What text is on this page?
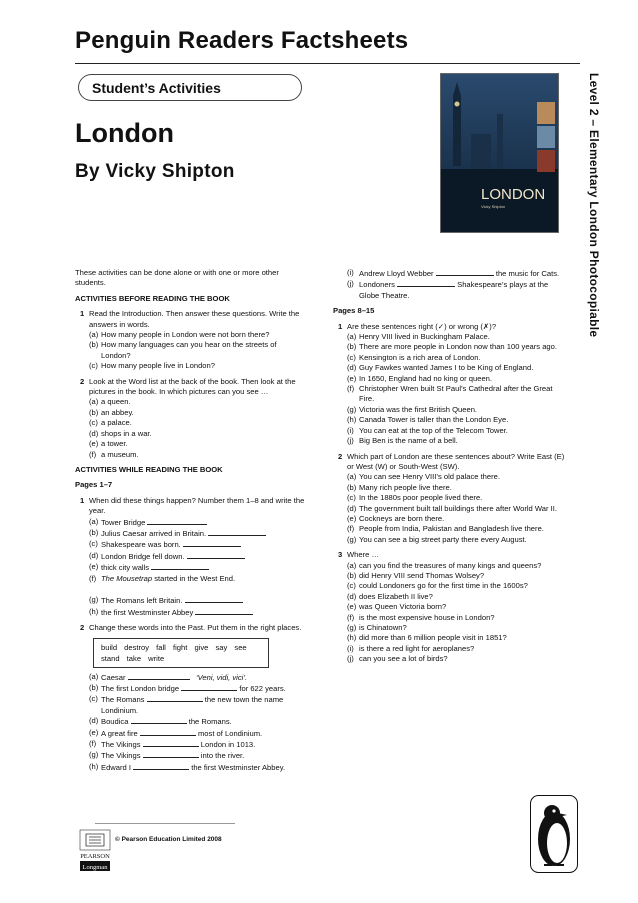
Penguin Readers Factsheets
Student’s Activities
London
By Vicky Shipton
LONDON
Vicky Shipton	Level 2 – Elementary London Photocopiable

These activities can be done alone or with one or more other students.

ACTIVITIES BEFORE READING THE BOOK

1 Read the Introduction. Then answer these questions. Write the answers in words.
(a) How many people in London were not born there?
(b) How many languages can you hear on the streets of London?
(c) How many people live in London?
2 Look at the Word list at the back of the book. Then look at the pictures in the book. In which pictures can you see …
(a) a queen.
(b) an abbey.
(c) a palace.
(d) shops in a war.
(e) a tower.
(f) a museum.

ACTIVITIES WHILE READING THE BOOK

Pages 1–7

1 When did these things happen? Number them 1–8 and write the year.
(a) Tower Bridge
(b) Julius Caesar arrived in Britain.
(c) Shakespeare was born.
(d) London Bridge fell down.
(e) thick city walls
(f) The Mousetrap started in the West End.

(g) The Romans left Britain.
(h) the first Westminster Abbey
2 Change these words into the Past. Put them in the right places.
build destroy fall fight give say see stand take write
(a) Caesar	‘Veni, vidi, vici’.
(b) The first London bridge	for 622 years.
(c) The Romans	the new town the name Londinium.
(d) Boudica	the Romans.
(e) A great fire	most of Londinium.
(f) The Vikings	London in 1013.
(g) The Vikings	into the river.
(h) Edward I	the first Westminster Abbey.
(i) Andrew Lloyd Webber	the music for Cats.
(j) Londoners	Shakespeare’s plays at the Globe Theatre.

Pages 8–15

1 Are these sentences right (✓) or wrong (✗)?
(a) Henry VIII lived in Buckingham Palace.
(b) There are more people in London now than 100 years ago.
(c) Kensington is a rich area of London.
(d) Guy Fawkes wanted James I to be King of England.
(e) In 1650, England had no king or queen.
(f) Christopher Wren built St Paul’s Cathedral after the Great Fire.
(g) Victoria was the first British Queen.
(h) Canada Tower is taller than the London Eye.
(i) You can eat at the top of the Telecom Tower.
(j) Big Ben is the name of a bell.
2 Which part of London are these sentences about? Write East (E) or West (W) or South-West (SW).
(a) You can see Henry VIII’s old palace there.
(b) Many rich people live there.
(c) In the 1880s poor people lived there.
(d) The government built tall buildings there after World War II.
(e) Cockneys are born there.
(f) People from India, Pakistan and Bangladesh live there.
(g) You can see a big street party there every August.
3 Where …
(a) can you find the treasures of many kings and queens?
(b) did Henry VIII send Thomas Wolsey?
(c) could Londoners go for the first time in the 1600s?
(d) does Elizabeth II live?
(e) was Queen Victoria born?
(f) is the most expensive house in London?
(g) is Chinatown?
(h) did more than 6 million people visit in 1851?
(i) is there a red light for aeroplanes?
(j) can you see a lot of birds?
© Pearson Education Limited 2008
PEARSON
Longman
